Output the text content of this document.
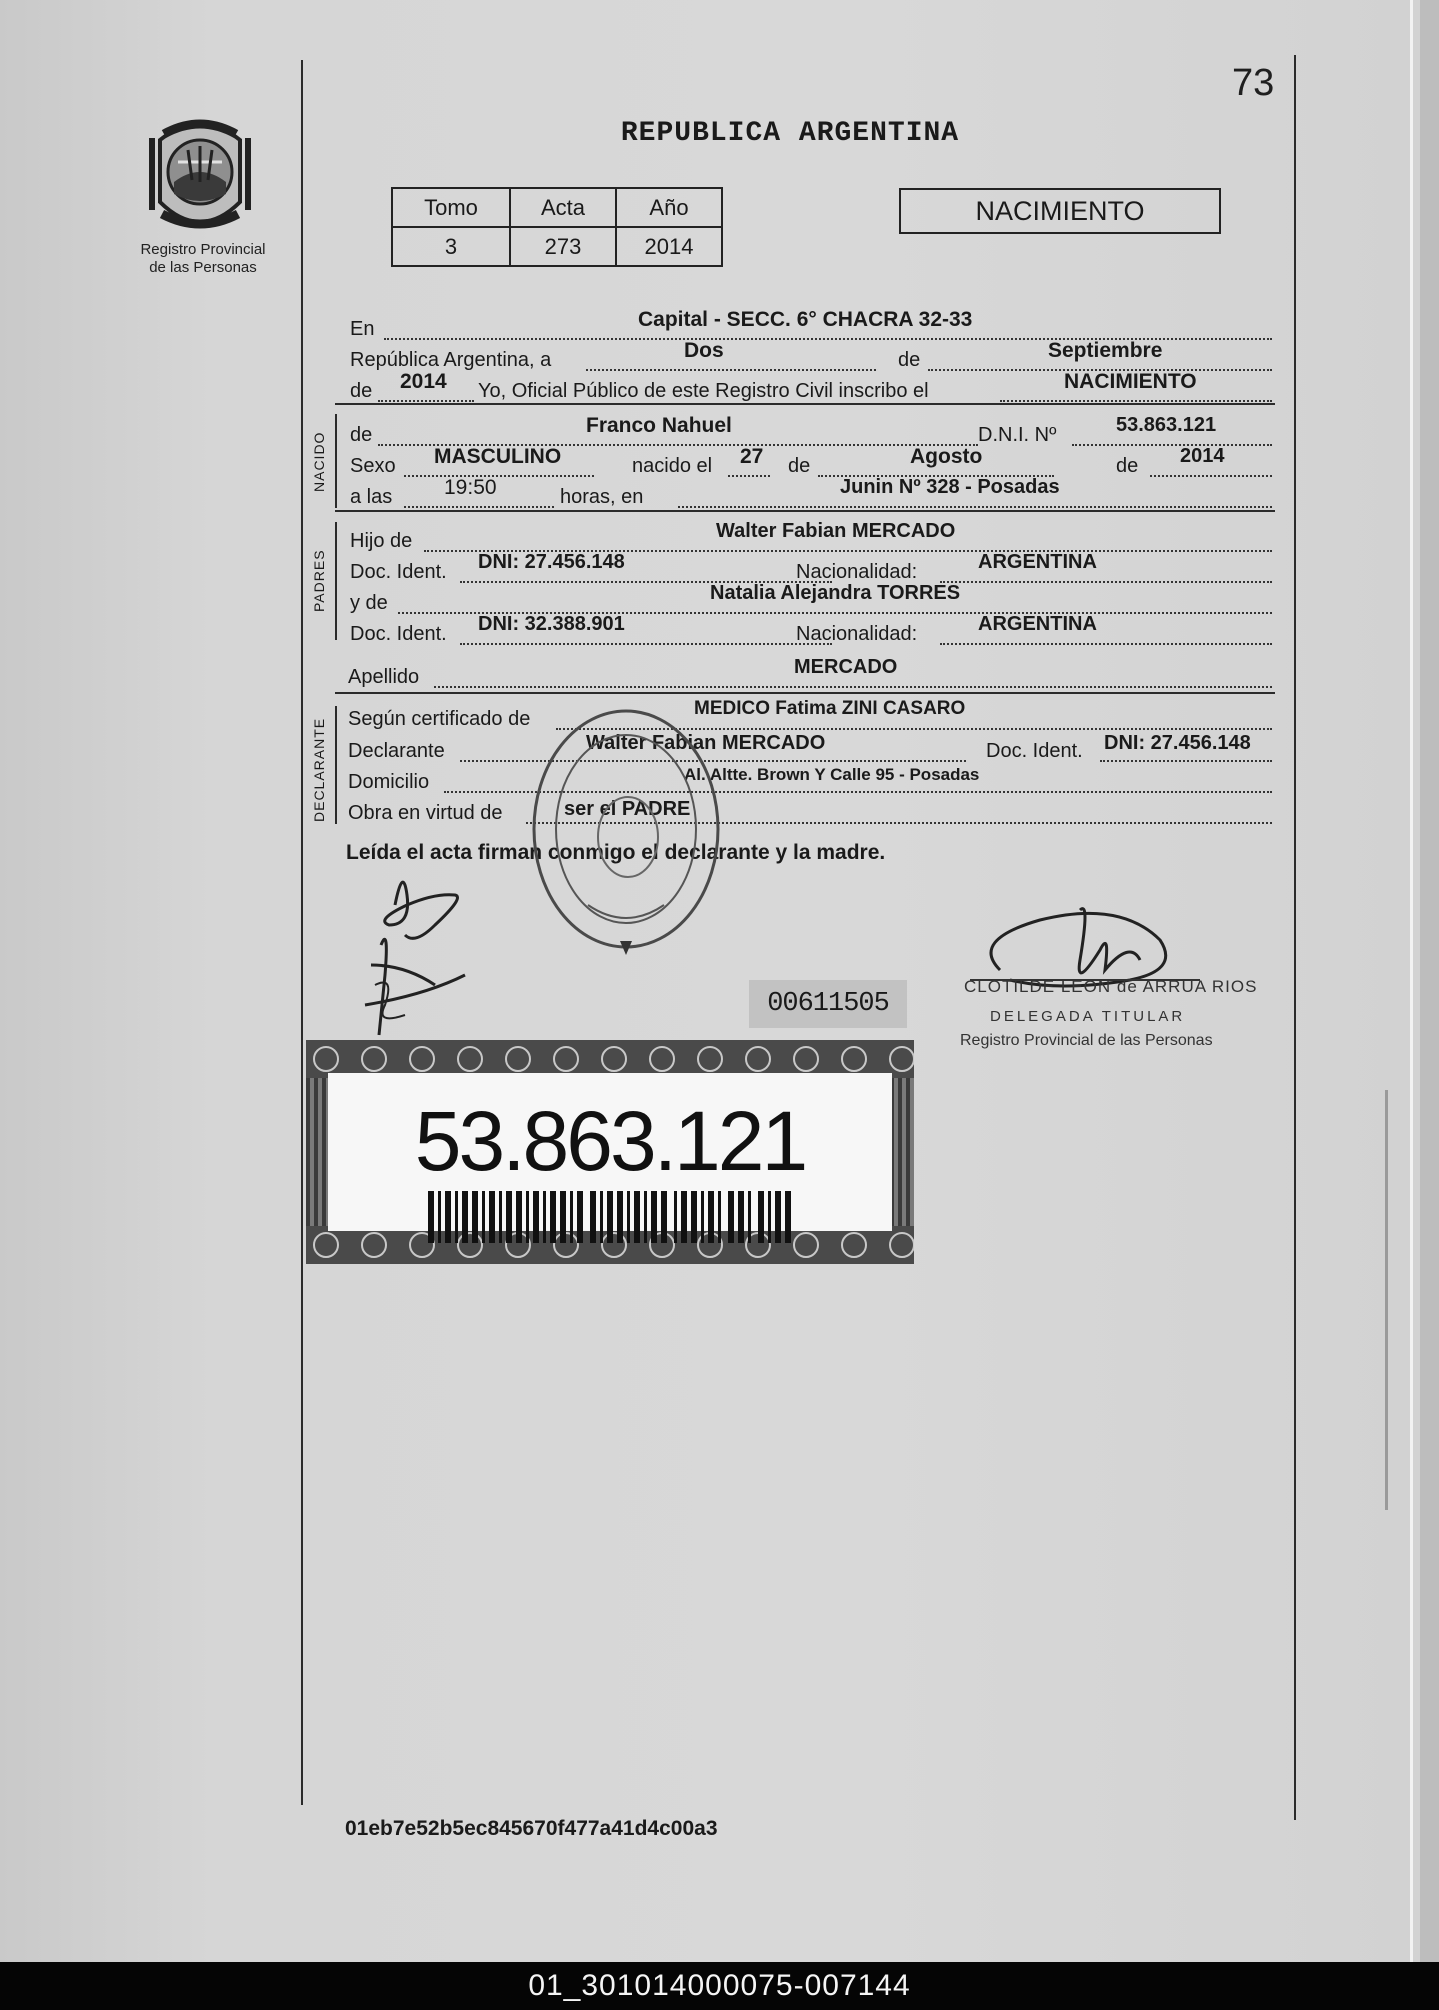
73
Registro Provincial
de las Personas
REPUBLICA ARGENTINA
Tomo	Acta	Año
3	273	2014
NACIMIENTO
En	Capital - SECC. 6° CHACRA 32-33
República Argentina, a	Dos	de	Septiembre
de 2014 Yo, Oficial Público de este Registro Civil inscribo el	NACIMIENTO
NACIDO de	Franco Nahuel	D.N.I. Nº	53.863.121
Sexo MASCULINO	nacido el 27 de	Agosto	de 2014
a las 19:50	horas, en	Junin Nº 328 - Posadas
PADRES
Hijo de	Walter Fabian MERCADO
Doc. Ident. DNI: 27.456.148	Nacionalidad:	ARGENTINA
y de	Natalia Alejandra TORRES
Doc. Ident. DNI: 32.388.901	Nacionalidad:	ARGENTINA
Apellido	MERCADO
DECLARANTE Según certificado de	MEDICO Fatima ZINI CASARO
Declarante	Walter Fabian MERCADO	Doc. Ident. DNI: 27.456.148
Domicilio	Al. Altte. Brown Y Calle 95 - Posadas
Obra en virtud de	ser el PADRE
Leída el acta firman conmigo el declarante y la madre.
00611505
CLOTILDE LEON de ARRUA RIOS
DELEGADA TITULAR
Registro Provincial de las Personas
53.863.121
01eb7e52b5ec845670f477a41d4c00a3
01_301014000075-007144
